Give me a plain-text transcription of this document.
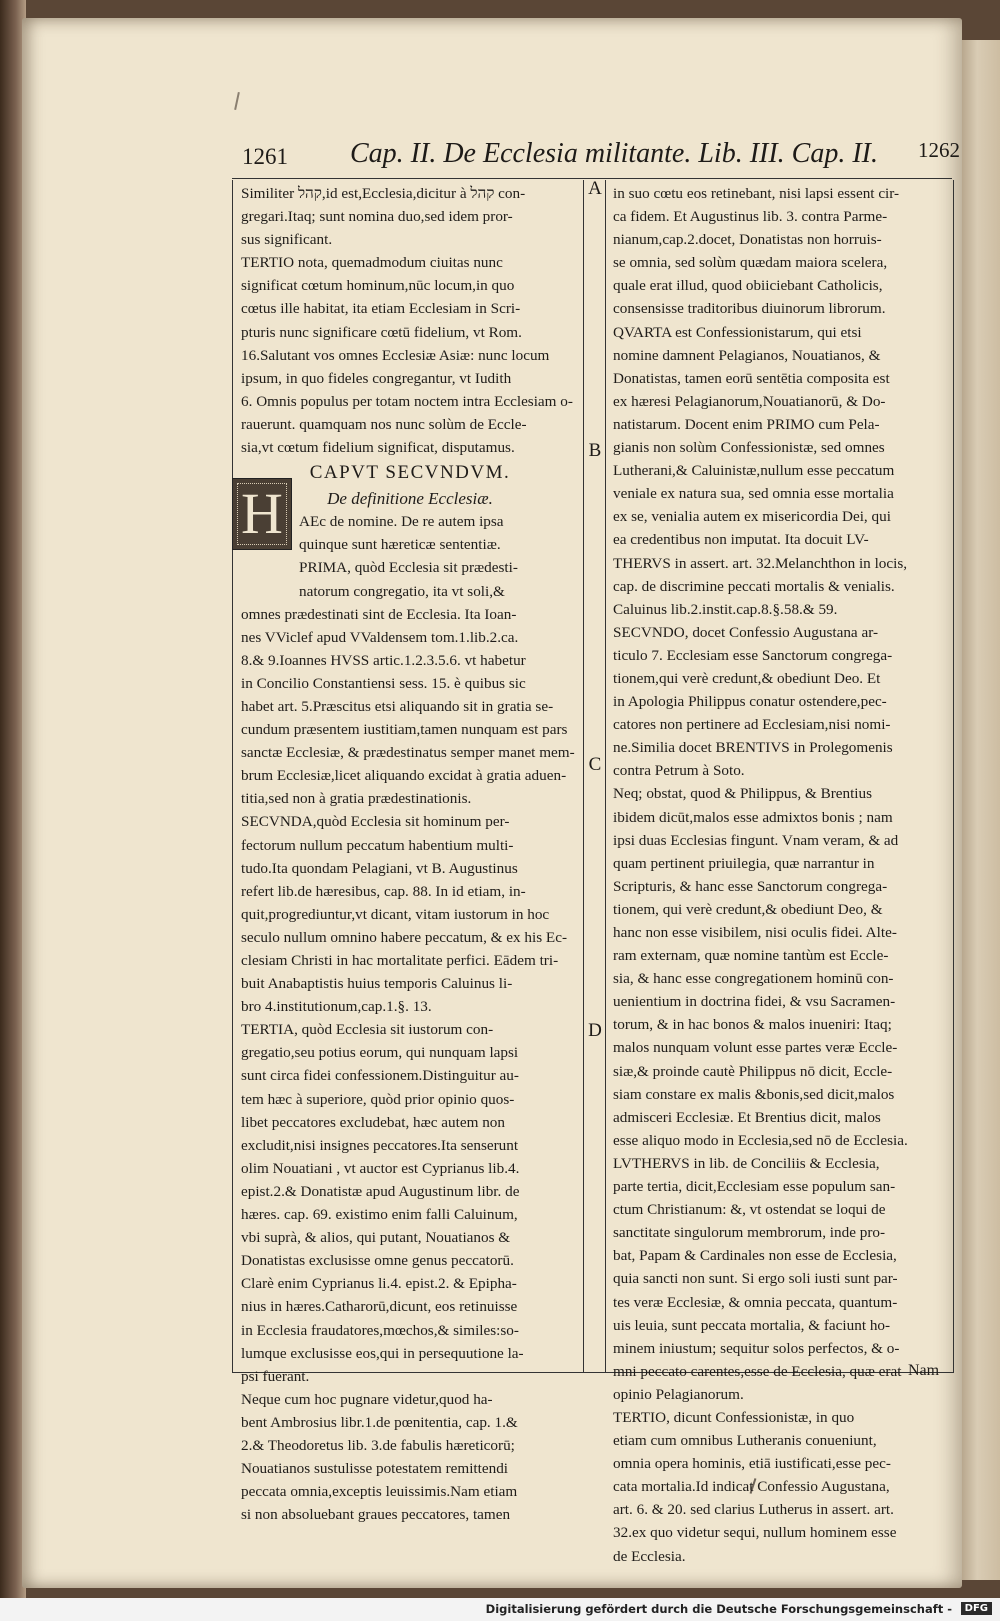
1261 Cap. II. De Ecclesia militante. Lib. III. Cap. II. 1262
A
B
C
D
Similiter קהל,id est,Ecclesia,dicitur à קהל con-
gregari.Itaq; sunt nomina duo,sed idem pror-
sus significant.
TERTIO nota, quemadmodum ciuitas nunc
significat cœtum hominum,nūc locum,in quo
cœtus ille habitat, ita etiam Ecclesiam in Scri-
pturis nunc significare cœtū fidelium, vt Rom.
16.Salutant vos omnes Ecclesiæ Asiæ: nunc locum
ipsum, in quo fideles congregantur, vt Iudith
6. Omnis populus per totam noctem intra Ecclesiam o-
rauerunt. quamquam nos nunc solùm de Eccle-
sia,vt cœtum fidelium significat, disputamus.
CAPVT SECVNDVM.
De definitione Ecclesiæ.
AEc de nomine. De re autem ipsa
quinque sunt hæreticæ sententiæ.
PRIMA, quòd Ecclesia sit prædesti-
natorum congregatio, ita vt soli,&
omnes prædestinati sint de Ecclesia. Ita Ioan-
nes VViclef apud VValdensem tom.1.lib.2.ca.
8.& 9.Ioannes HVSS artic.1.2.3.5.6. vt habetur
in Concilio Constantiensi sess. 15. è quibus sic
habet art. 5.Præscitus etsi aliquando sit in gratia se-
cundum præsentem iustitiam,tamen nunquam est pars
sanctæ Ecclesiæ, & prædestinatus semper manet mem-
brum Ecclesiæ,licet aliquando excidat à gratia aduen-
titia,sed non à gratia prædestinationis.
SECVNDA,quòd Ecclesia sit hominum per-
fectorum nullum peccatum habentium multi-
tudo.Ita quondam Pelagiani, vt B. Augustinus
refert lib.de hæresibus, cap. 88. In id etiam, in-
quit,progrediuntur,vt dicant, vitam iustorum in hoc
seculo nullum omnino habere peccatum, & ex his Ec-
clesiam Christi in hac mortalitate perfici. Eādem tri-
buit Anabaptistis huius temporis Caluinus li-
bro 4.institutionum,cap.1.§. 13.
TERTIA, quòd Ecclesia sit iustorum con-
gregatio,seu potius eorum, qui nunquam lapsi
sunt circa fidei confessionem.Distinguitur au-
tem hæc à superiore, quòd prior opinio quos-
libet peccatores excludebat, hæc autem non
excludit,nisi insignes peccatores.Ita senserunt
olim Nouatiani , vt auctor est Cyprianus lib.4.
epist.2.& Donatistæ apud Augustinum libr. de
hæres. cap. 69. existimo enim falli Caluinum,
vbi suprà, & alios, qui putant, Nouatianos &
Donatistas exclusisse omne genus peccatorū.
Clarè enim Cyprianus li.4. epist.2. & Epipha-
nius in hæres.Catharorū,dicunt, eos retinuisse
in Ecclesia fraudatores,mœchos,& similes:so-
lumque exclusisse eos,qui in persequutione la-
psi fuerant.
Neque cum hoc pugnare videtur,quod ha-
bent Ambrosius libr.1.de pœnitentia, cap. 1.&
2.& Theodoretus lib. 3.de fabulis hæreticorū;
Nouatianos sustulisse potestatem remittendi
peccata omnia,exceptis leuissimis.Nam etiam
si non absoluebant graues peccatores, tamen
in suo cœtu eos retinebant, nisi lapsi essent cir-
ca fidem. Et Augustinus lib. 3. contra Parme-
nianum,cap.2.docet, Donatistas non horruis-
se omnia, sed solùm quædam maiora scelera,
quale erat illud, quod obiiciebant Catholicis,
consensisse traditoribus diuinorum librorum.
QVARTA est Confessionistarum, qui etsi
nomine damnent Pelagianos, Nouatianos, &
Donatistas, tamen eorū sentētia composita est
ex hæresi Pelagianorum,Nouatianorū, & Do-
natistarum. Docent enim PRIMO cum Pela-
gianis non solùm Confessionistæ, sed omnes
Lutherani,& Caluinistæ,nullum esse peccatum
veniale ex natura sua, sed omnia esse mortalia
ex se, venialia autem ex misericordia Dei, qui
ea credentibus non imputat. Ita docuit LV-
THERVS in assert. art. 32.Melanchthon in locis,
cap. de discrimine peccati mortalis & venialis.
Caluinus lib.2.instit.cap.8.§.58.& 59.
SECVNDO, docet Confessio Augustana ar-
ticulo 7. Ecclesiam esse Sanctorum congrega-
tionem,qui verè credunt,& obediunt Deo. Et
in Apologia Philippus conatur ostendere,pec-
catores non pertinere ad Ecclesiam,nisi nomi-
ne.Similia docet BRENTIVS in Prolegomenis
contra Petrum à Soto.
Neq; obstat, quod & Philippus, & Brentius
ibidem dicūt,malos esse admixtos bonis ; nam
ipsi duas Ecclesias fingunt. Vnam veram, & ad
quam pertinent priuilegia, quæ narrantur in
Scripturis, & hanc esse Sanctorum congrega-
tionem, qui verè credunt,& obediunt Deo, &
hanc non esse visibilem, nisi oculis fidei. Alte-
ram externam, quæ nomine tantùm est Eccle-
sia, & hanc esse congregationem hominū con-
uenientium in doctrina fidei, & vsu Sacramen-
torum, & in hac bonos & malos inueniri: Itaq;
malos nunquam volunt esse partes veræ Eccle-
siæ,& proinde cautè Philippus nō dicit, Eccle-
siam constare ex malis &bonis,sed dicit,malos
admisceri Ecclesiæ. Et Brentius dicit, malos
esse aliquo modo in Ecclesia,sed nō de Ecclesia.
LVTHERVS in lib. de Conciliis & Ecclesia,
parte tertia, dicit,Ecclesiam esse populum san-
ctum Christianum: &, vt ostendat se loqui de
sanctitate singulorum membrorum, inde pro-
bat, Papam & Cardinales non esse de Ecclesia,
quia sancti non sunt. Si ergo soli iusti sunt par-
tes veræ Ecclesiæ, & omnia peccata, quantum-
uis leuia, sunt peccata mortalia, & faciunt ho-
minem iniustum; sequitur solos perfectos, & o-
mni peccato carentes,esse de Ecclesia, quæ erat
opinio Pelagianorum.
TERTIO, dicunt Confessionistæ, in quo
etiam cum omnibus Lutheranis conueniunt,
omnia opera hominis, etiā iustificati,esse pec-
cata mortalia.Id indicat Confessio Augustana,
art. 6. & 20. sed clarius Lutherus in assert. art.
32.ex quo videtur sequi, nullum hominem esse
de Ecclesia.
H
Nam
Digitalisierung gefördert durch die Deutsche Forschungsgemeinschaft -	DFG
